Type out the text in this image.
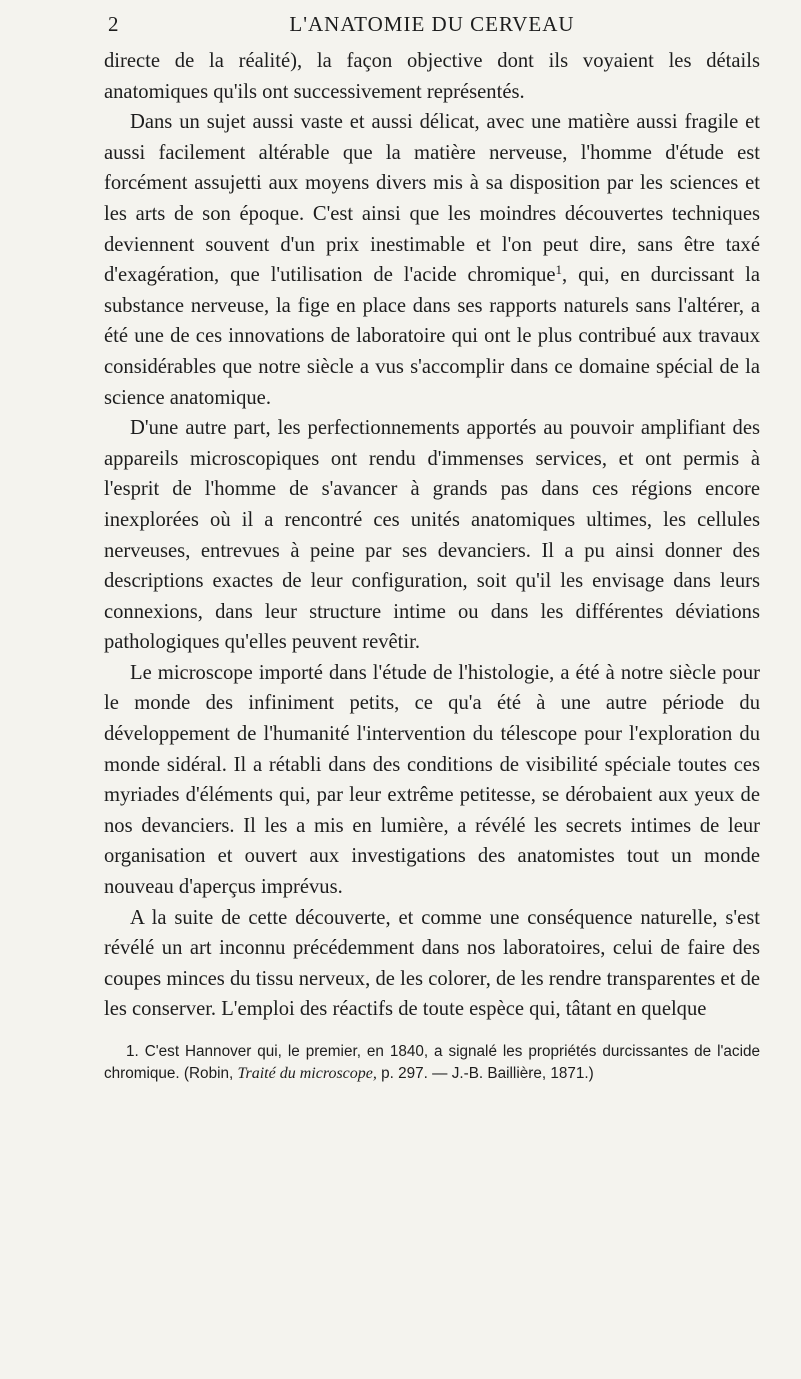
2	L'ANATOMIE DU CERVEAU

directe de la réalité), la façon objective dont ils voyaient les détails anatomiques qu'ils ont successivement représentés.

Dans un sujet aussi vaste et aussi délicat, avec une matière aussi fragile et aussi facilement altérable que la matière nerveuse, l'homme d'étude est forcément assujetti aux moyens divers mis à sa disposition par les sciences et les arts de son époque. C'est ainsi que les moindres découvertes techniques deviennent souvent d'un prix inestimable et l'on peut dire, sans être taxé d'exagération, que l'utilisation de l'acide chromique$^1$, qui, en durcissant la substance nerveuse, la fige en place dans ses rapports naturels sans l'altérer, a été une de ces innovations de laboratoire qui ont le plus contribué aux travaux considérables que notre siècle a vus s'accomplir dans ce domaine spécial de la science anatomique.

D'une autre part, les perfectionnements apportés au pouvoir amplifiant des appareils microscopiques ont rendu d'immenses services, et ont permis à l'esprit de l'homme de s'avancer à grands pas dans ces régions encore inexplorées où il a rencontré ces unités anatomiques ultimes, les cellules nerveuses, entrevues à peine par ses devanciers. Il a pu ainsi donner des descriptions exactes de leur configuration, soit qu'il les envisage dans leurs connexions, dans leur structure intime ou dans les différentes déviations pathologiques qu'elles peuvent revêtir.

Le microscope importé dans l'étude de l'histologie, a été à notre siècle pour le monde des infiniment petits, ce qu'a été à une autre période du développement de l'humanité l'intervention du télescope pour l'exploration du monde sidéral. Il a rétabli dans des conditions de visibilité spéciale toutes ces myriades d'éléments qui, par leur extrême petitesse, se dérobaient aux yeux de nos devanciers. Il les a mis en lumière, a révélé les secrets intimes de leur organisation et ouvert aux investigations des anatomistes tout un monde nouveau d'aperçus imprévus.

A la suite de cette découverte, et comme une conséquence naturelle, s'est révélé un art inconnu précédemment dans nos laboratoires, celui de faire des coupes minces du tissu nerveux, de les colorer, de les rendre transparentes et de les conserver. L'emploi des réactifs de toute espèce qui, tâtant en quelque

1. C'est Hannover qui, le premier, en 1840, a signalé les propriétés durcissantes de l'acide chromique. (Robin, Traité du microscope, p. 297. — J.-B. Baillière, 1871.)
